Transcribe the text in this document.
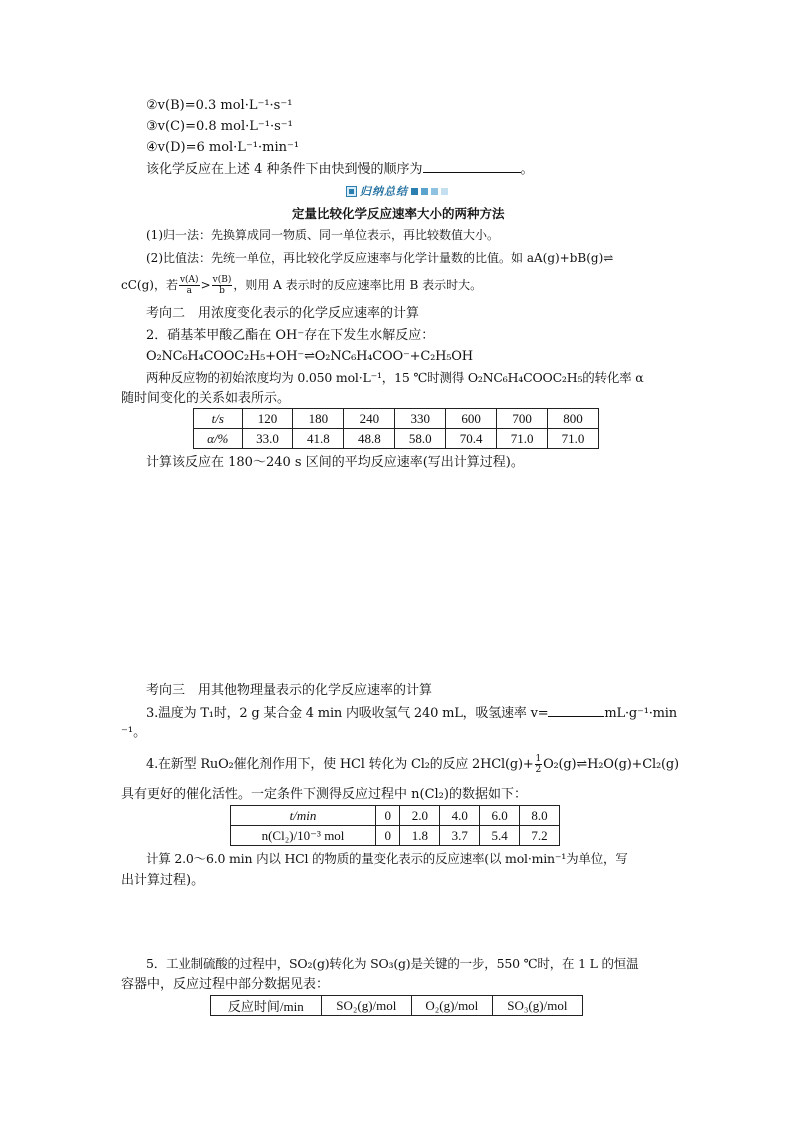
②v(B)=0.3 mol·L⁻¹·s⁻¹
③v(C)=0.8 mol·L⁻¹·s⁻¹
④v(D)=6 mol·L⁻¹·min⁻¹
该化学反应在上述 4 种条件下由快到慢的顺序为	。
归纳总结
定量比较化学反应速率大小的两种方法
(1)归一法：先换算成同一物质、同一单位表示，再比较数值大小。
(2)比值法：先统一单位，再比较化学反应速率与化学计量数的比值。如 aA(g)+bB(g)⇌
cC(g)，若 $\frac{v(A)}{a} > \frac{v(B)}{b}$ ，则用 A 表示时的反应速率比用 B 表示时大。
考向二　用浓度变化表示的化学反应速率的计算
2．硝基苯甲酸乙酯在 OH⁻存在下发生水解反应：
O₂NC₆H₄COOC₂H₅+OH⁻⇌O₂NC₆H₄COO⁻+C₂H₅OH
两种反应物的初始浓度均为 0.050 mol·L⁻¹，15 ℃时测得 O₂NC₆H₄COOC₂H₅的转化率 α
随时间变化的关系如表所示。
t/s	120	180	240	330	600	700	800
α/%	33.0	41.8	48.8	58.0	70.4	71.0	71.0
计算该反应在 180～240 s 区间的平均反应速率(写出计算过程)。
考向三　用其他物理量表示的化学反应速率的计算
3.温度为 T₁时，2 g 某合金 4 min 内吸收氢气 240 mL，吸氢速率 v=	mL·g⁻¹·min
⁻¹。
4.在新型 RuO₂催化剂作用下，使 HCl 转化为 Cl₂的反应 $2HCl(g)+ \frac{1}{2}$ O₂(g)⇌H₂O(g)+Cl₂(g)
具有更好的催化活性。一定条件下测得反应过程中 n(Cl₂)的数据如下：
t/min	0	2.0	4.0	6.0	8.0
n(Cl₂)/10⁻³ mol	0	1.8	3.7	5.4	7.2
计算 2.0～6.0 min 内以 HCl 的物质的量变化表示的反应速率(以 mol·min⁻¹为单位，写
出计算过程)。
5．工业制硫酸的过程中，SO₂(g)转化为 SO₃(g)是关键的一步，550 ℃时，在 1 L 的恒温
容器中，反应过程中部分数据见表：
反应时间/min	SO₂(g)/mol	O₂(g)/mol	SO₃(g)/mol
